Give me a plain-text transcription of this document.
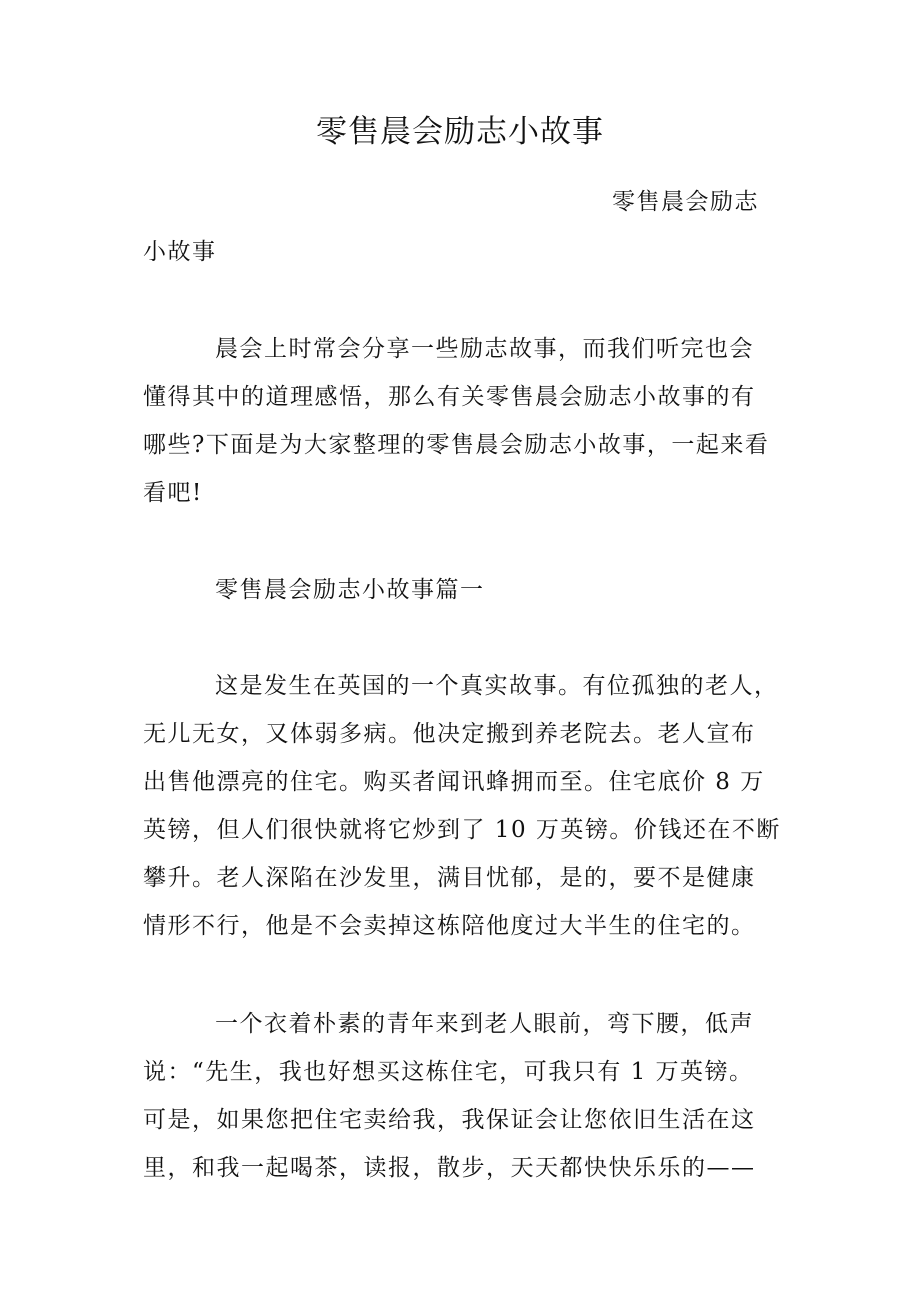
零售晨会励志小故事
零售晨会励志
小故事
晨会上时常会分享一些励志故事，而我们听完也会
懂得其中的道理感悟，那么有关零售晨会励志小故事的有
哪些?下面是为大家整理的零售晨会励志小故事，一起来看
看吧!
零售晨会励志小故事篇一
这是发生在英国的一个真实故事。有位孤独的老人，
无儿无女，又体弱多病。他决定搬到养老院去。老人宣布
出售他漂亮的住宅。购买者闻讯蜂拥而至。住宅底价 8 万
英镑，但人们很快就将它炒到了 10 万英镑。价钱还在不断
攀升。老人深陷在沙发里，满目忧郁，是的，要不是健康
情形不行，他是不会卖掉这栋陪他度过大半生的住宅的。
一个衣着朴素的青年来到老人眼前，弯下腰，低声
说：“先生，我也好想买这栋住宅，可我只有 1 万英镑。
可是，如果您把住宅卖给我，我保证会让您依旧生活在这
里，和我一起喝茶，读报，散步，天天都快快乐乐的——
